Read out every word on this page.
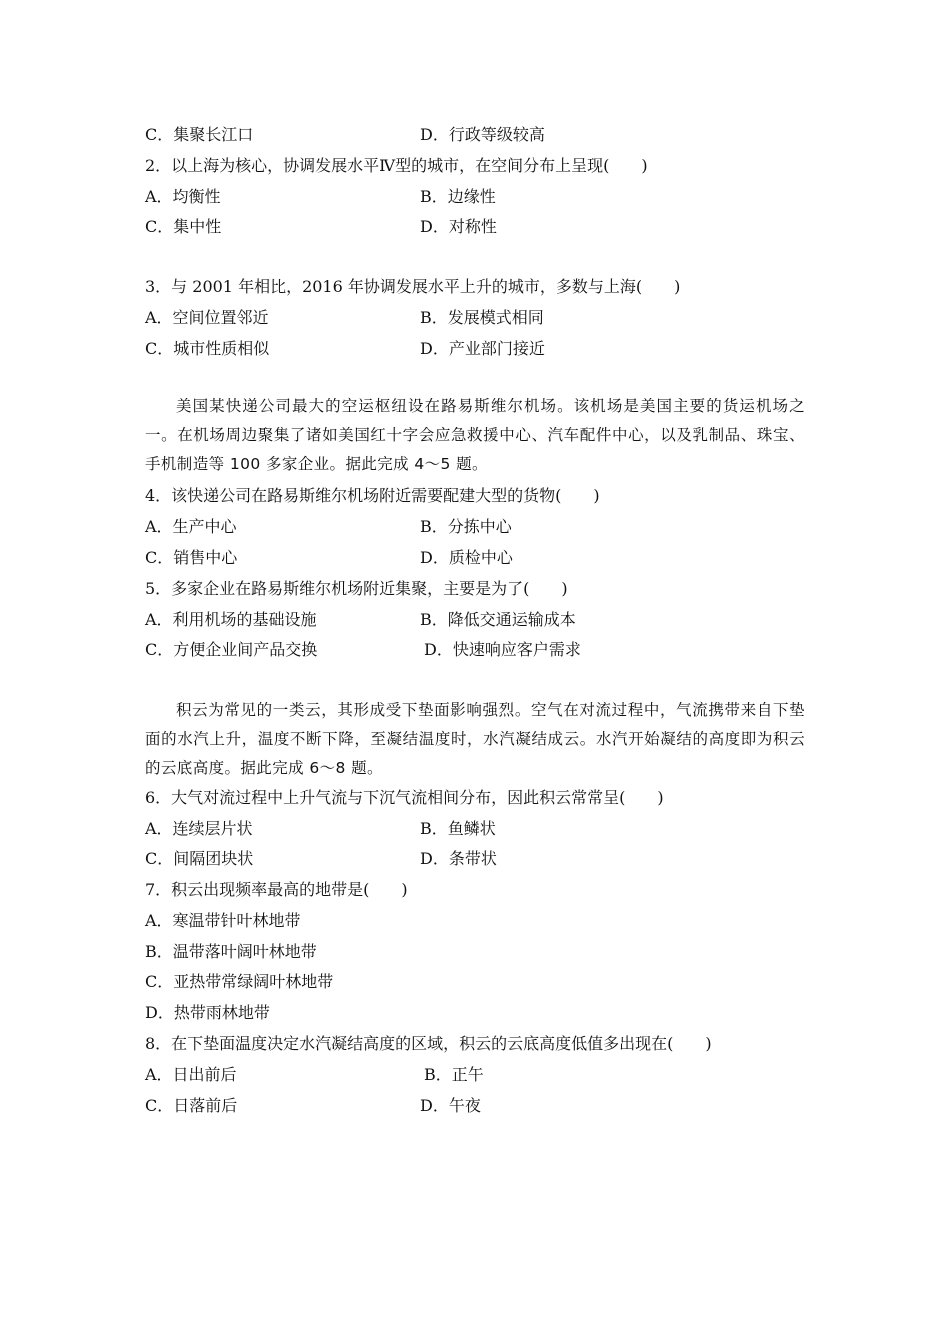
C．集聚长江口	D．行政等级较高
2．以上海为核心，协调发展水平Ⅳ型的城市，在空间分布上呈现(　　)
A．均衡性	B．边缘性
C．集中性	D．对称性
3．与 2001 年相比，2016 年协调发展水平上升的城市，多数与上海(　　)
A．空间位置邻近	B．发展模式相同
C．城市性质相似	D．产业部门接近
美国某快递公司最大的空运枢纽设在路易斯维尔机场。该机场是美国主要的货运机场之一。在机场周边聚集了诸如美国红十字会应急救援中心、汽车配件中心，以及乳制品、珠宝、手机制造等 100 多家企业。据此完成 4～5 题。
4．该快递公司在路易斯维尔机场附近需要配建大型的货物(　　)
A．生产中心	B．分拣中心
C．销售中心	D．质检中心
5．多家企业在路易斯维尔机场附近集聚，主要是为了(　　)
A．利用机场的基础设施	B．降低交通运输成本
C．方便企业间产品交换	D．快速响应客户需求
积云为常见的一类云，其形成受下垫面影响强烈。空气在对流过程中，气流携带来自下垫面的水汽上升，温度不断下降，至凝结温度时，水汽凝结成云。水汽开始凝结的高度即为积云的云底高度。据此完成 6～8 题。
6．大气对流过程中上升气流与下沉气流相间分布，因此积云常常呈(　　)
A．连续层片状	B．鱼鳞状
C．间隔团块状	D．条带状
7．积云出现频率最高的地带是(　　)
A．寒温带针叶林地带
B．温带落叶阔叶林地带
C．亚热带常绿阔叶林地带
D．热带雨林地带
8．在下垫面温度决定水汽凝结高度的区域，积云的云底高度低值多出现在(　　)
A．日出前后	B．正午
C．日落前后	D．午夜
